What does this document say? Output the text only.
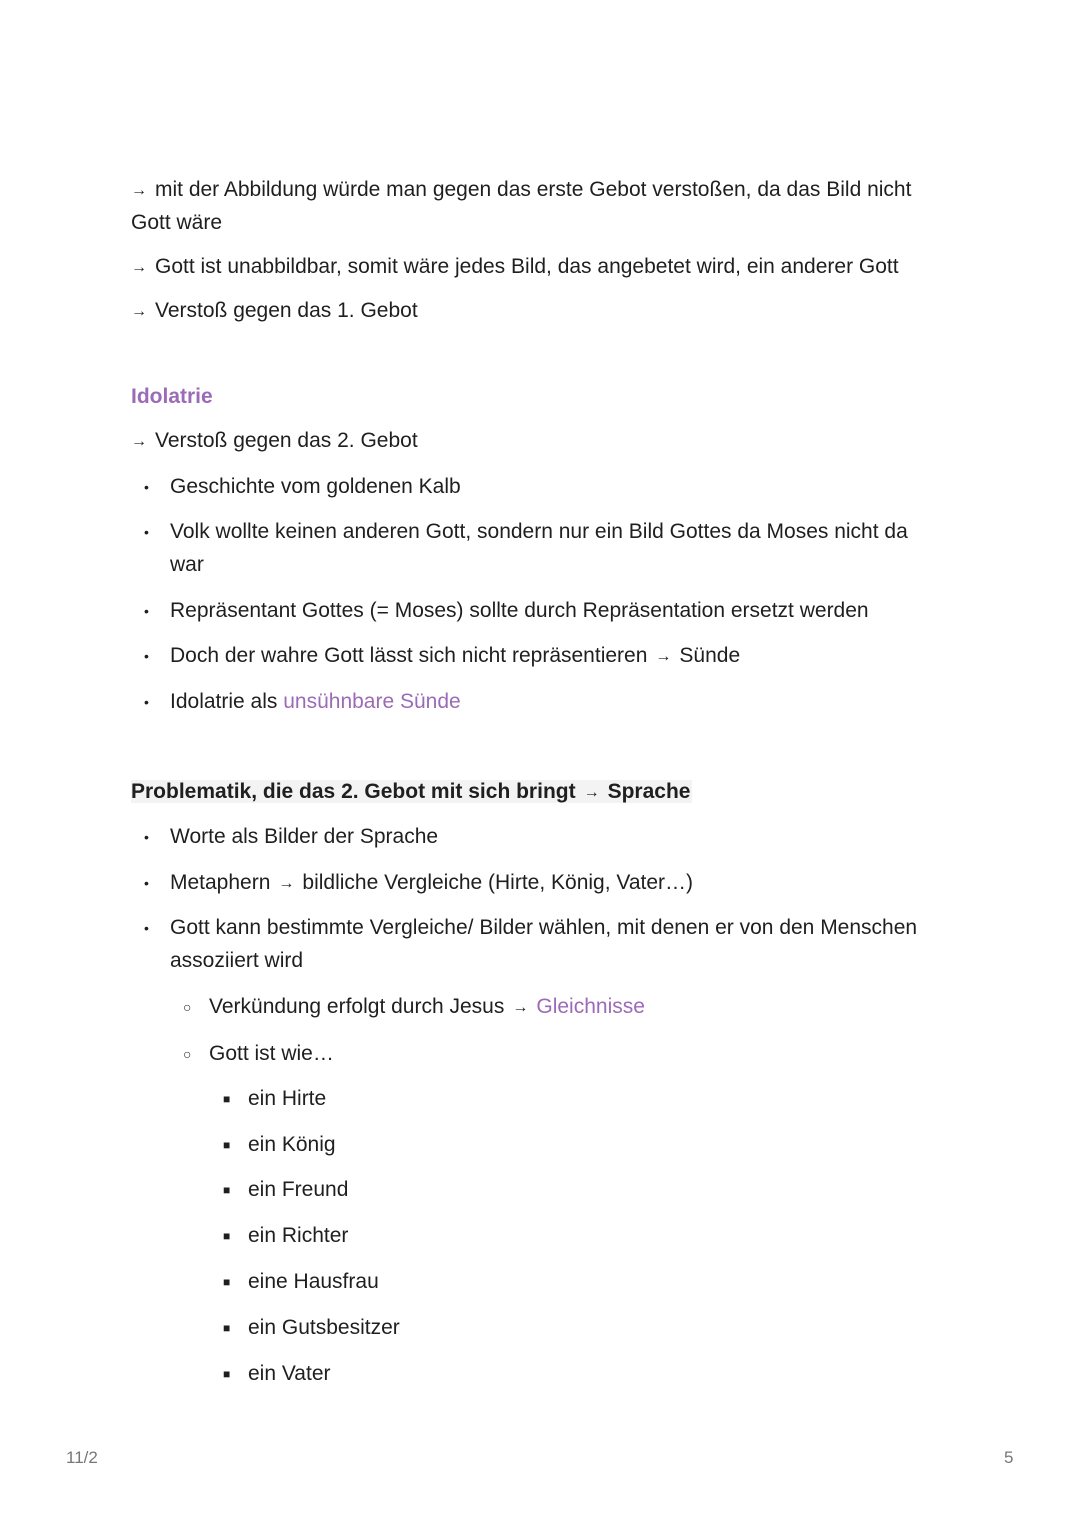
→ mit der Abbildung würde man gegen das erste Gebot verstoßen, da das Bild nicht
Gott wäre
→ Gott ist unabbildbar, somit wäre jedes Bild, das angebetet wird, ein anderer Gott
→ Verstoß gegen das 1. Gebot
Idolatrie
→ Verstoß gegen das 2. Gebot
• Geschichte vom goldenen Kalb
• Volk wollte keinen anderen Gott, sondern nur ein Bild Gottes da Moses nicht da
war
• Repräsentant Gottes (= Moses) sollte durch Repräsentation ersetzt werden
• Doch der wahre Gott lässt sich nicht repräsentieren → Sünde
• Idolatrie als unsühnbare Sünde
Problematik, die das 2. Gebot mit sich bringt → Sprache
• Worte als Bilder der Sprache
• Metaphern → bildliche Vergleiche (Hirte, König, Vater…)
• Gott kann bestimmte Vergleiche/ Bilder wählen, mit denen er von den Menschen
assoziiert wird
○ Verkündung erfolgt durch Jesus → Gleichnisse
○ Gott ist wie…
■ ein Hirte
■ ein König
■ ein Freund
■ ein Richter
■ eine Hausfrau
■ ein Gutsbesitzer
■ ein Vater
11/2	5
